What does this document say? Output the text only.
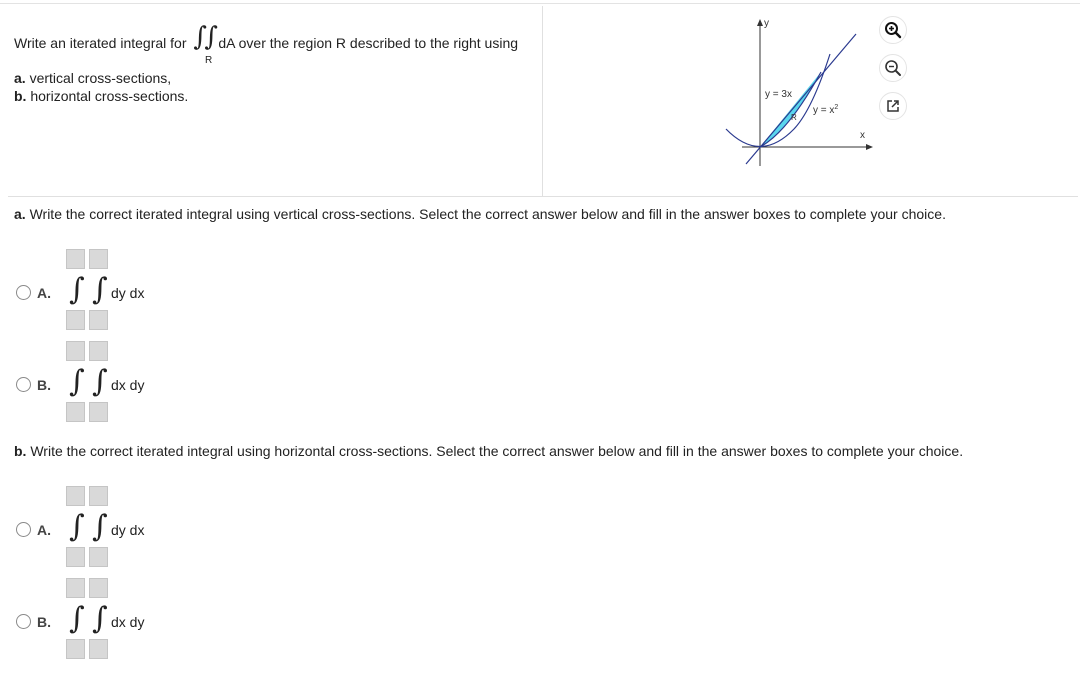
Write an iterated integral for ∫
∫ dA over the region R described to the right using
R
a. vertical cross-sections,
b. horizontal cross-sections.
y
x
y = 3x
R
$y = x^2$
a. Write the correct iterated integral using vertical cross-sections. Select the correct answer below and fill in the answer boxes to complete your choice.
A. ∫ ∫ dy dx
B. ∫ ∫ dx dy
b. Write the correct iterated integral using horizontal cross-sections. Select the correct answer below and fill in the answer boxes to complete your choice.
A. ∫ ∫ dy dx
B. ∫ ∫ dx dy
